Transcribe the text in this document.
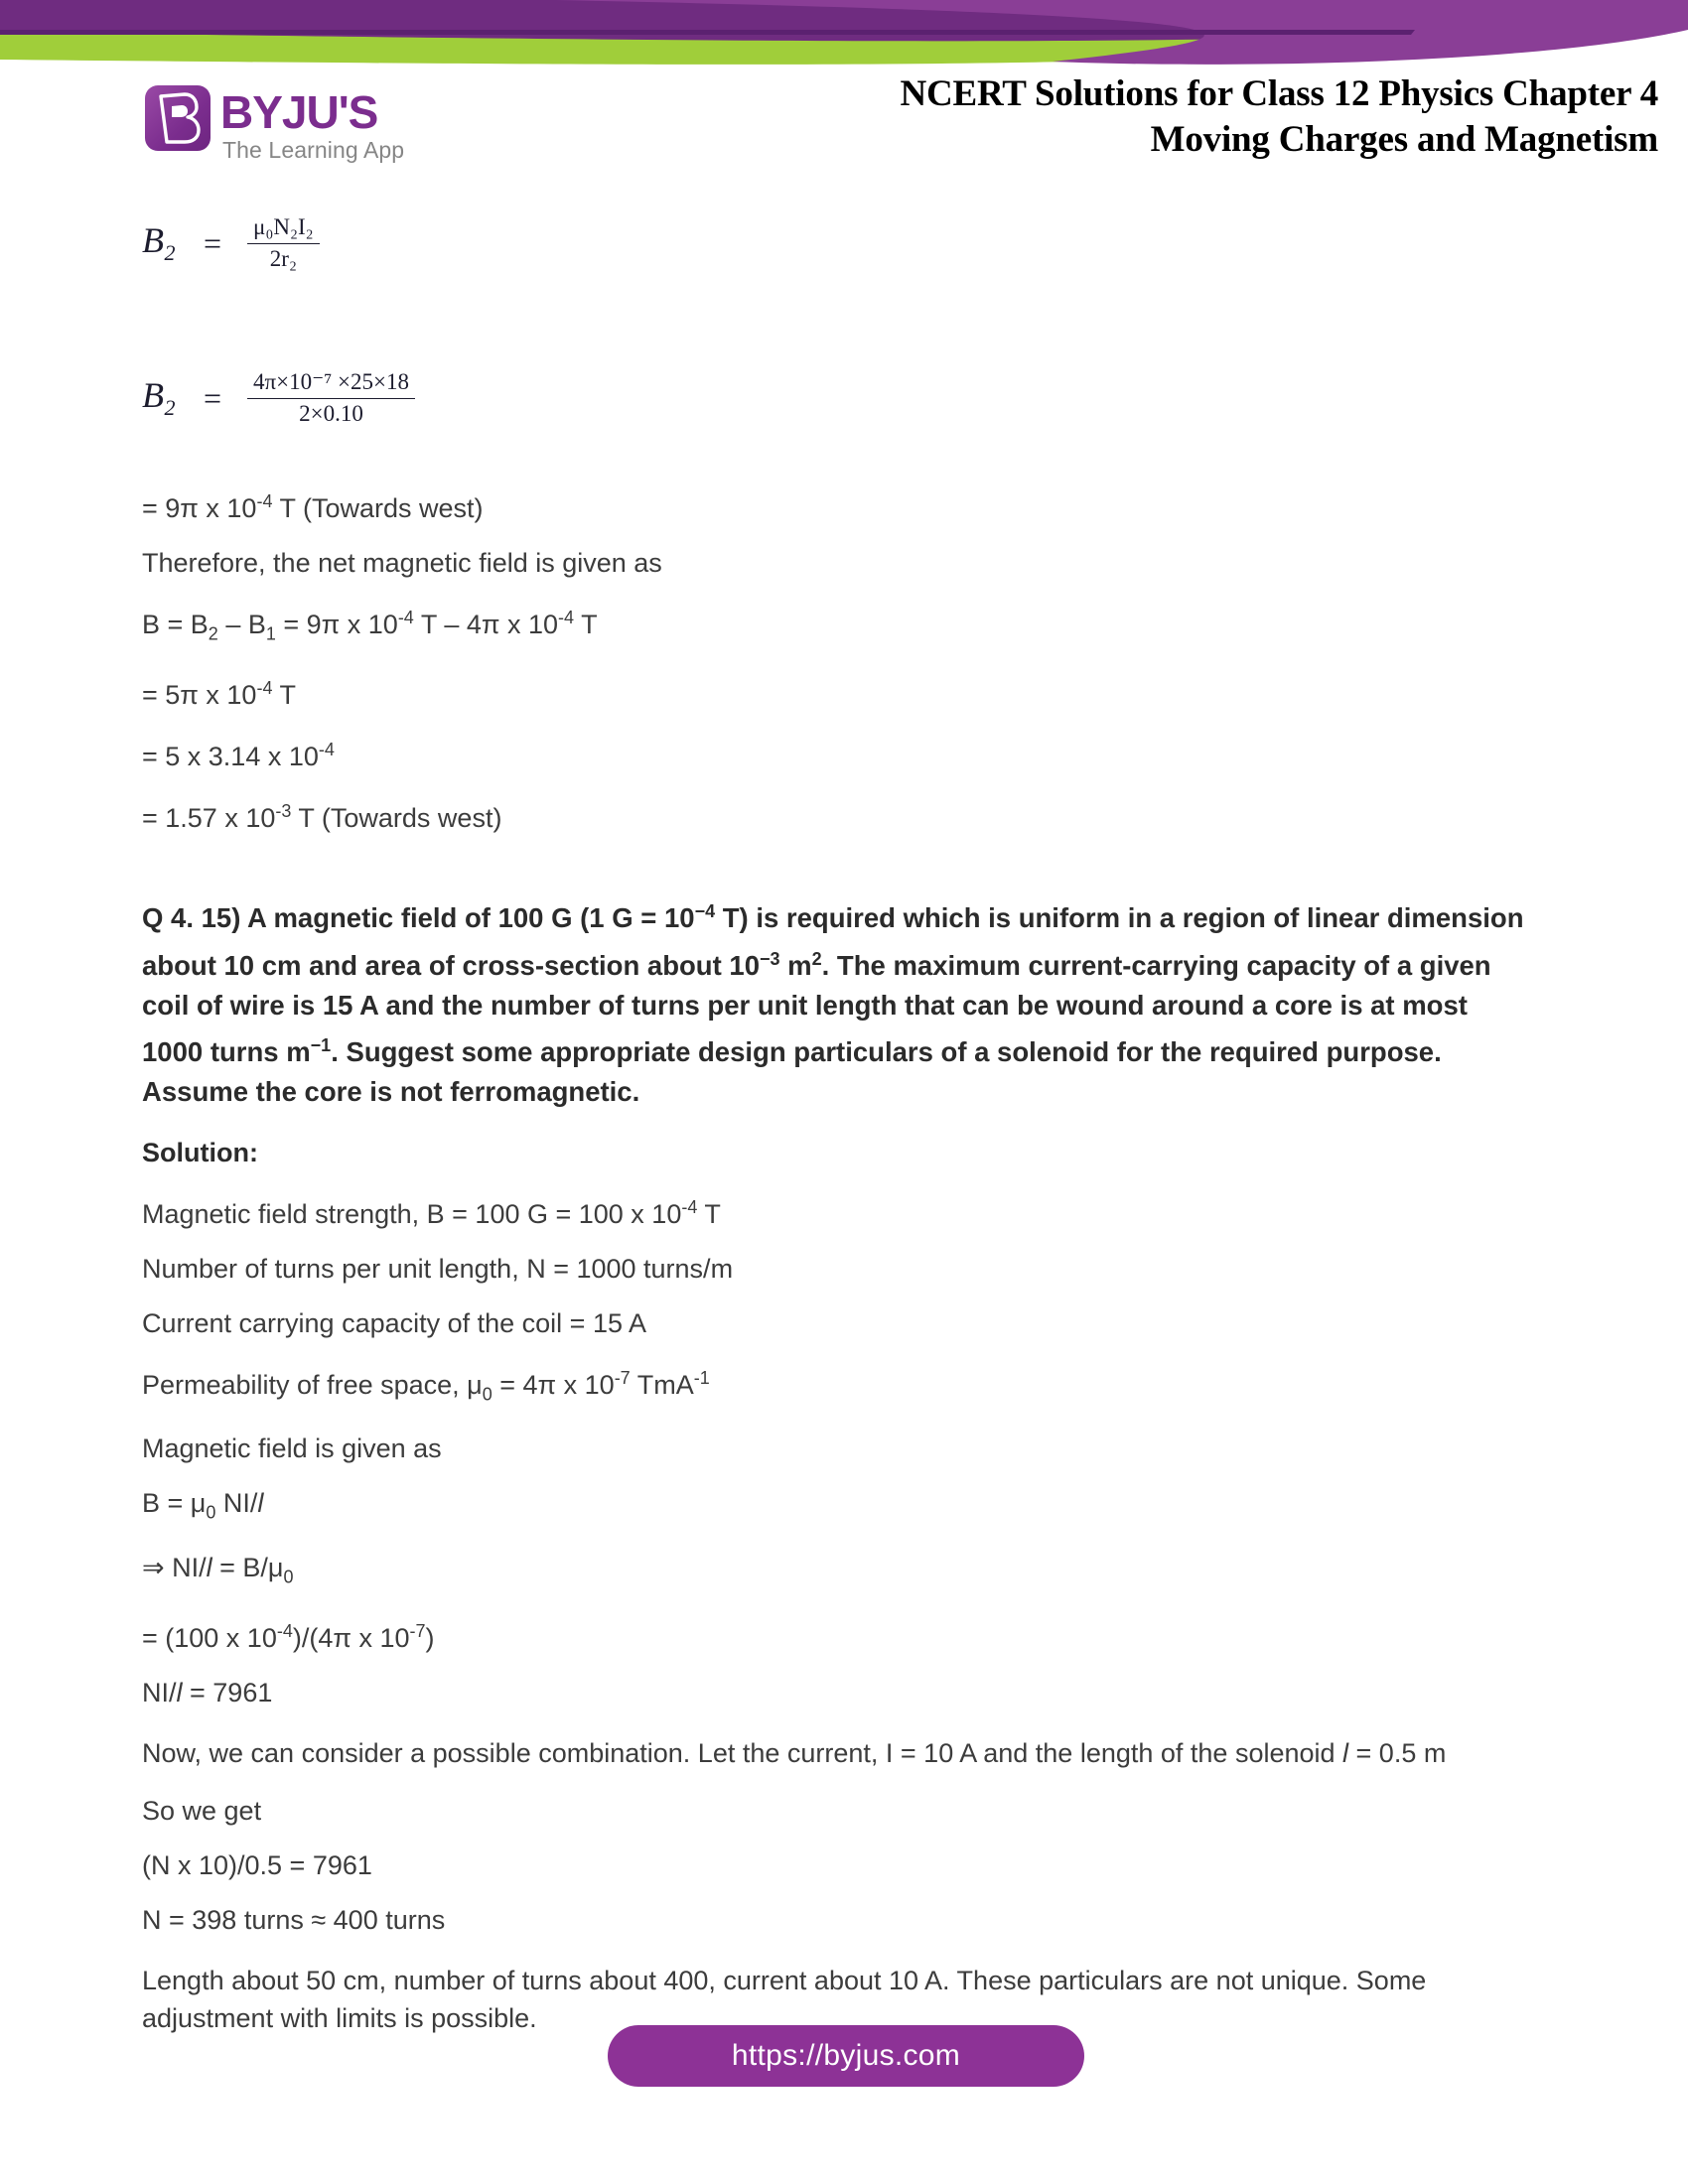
BYJU'S
The Learning App
NCERT Solutions for Class 12 Physics Chapter 4
Moving Charges and Magnetism
$B_2 = \frac{\text{μ₀N₂I₂}}{\text{2r₂}}$
$B_2 = \frac{\text{4π×10⁻⁷ ×25×18}}{2\times 0.10}$
= 9π x $10^{-4}$ T (Towards west)
Therefore, the net magnetic field is given as
$B = B_2 - B_1 = 9\pi$ x $10^{-4}$ T – 4π x $10^{-4}$ T
= 5π x $10^{-4}$ T
= 5 x 3.14 x $10^{-4}$
= 1.57 x $10^{-3}$ T (Towards west)
Q 4. 15) A magnetic field of 100 G (1 $G = 10^{-4}$ T) is required which is uniform in a region of linear dimension about 10 cm and area of cross-section about $10^{-3}$ $m^2$. The maximum current-carrying capacity of a given coil of wire is 15 A and the number of turns per unit length that can be wound around a core is at most 1000 turns $m^{-1}$. Suggest some appropriate design particulars of a solenoid for the required purpose. Assume the core is not ferromagnetic.
Solution:
Magnetic field strength, B = 100 G = 100 x $10^{-4}$ T
Number of turns per unit length, N = 1000 turns/m
Current carrying capacity of the coil = 15 A
Permeability of free space, $\mu_0 = 4\pi$ x $10^{-7}$ TmA$^{-1}$
Magnetic field is given as
$B = \mu_0$ NI/l
⇒ $NI/l = B/\mu_0$
= (100 x $10^{-4})/(4\pi$ x $10^{-7}$)
NI/l = 7961
Now, we can consider a possible combination. Let the current, I = 10 A and the length of the solenoid l = 0.5 m
So we get
(N x 10)/0.5 = 7961
N = 398 turns ≈ 400 turns
Length about 50 cm, number of turns about 400, current about 10 A. These particulars are not unique. Some adjustment with limits is possible.
https://byjus.com
